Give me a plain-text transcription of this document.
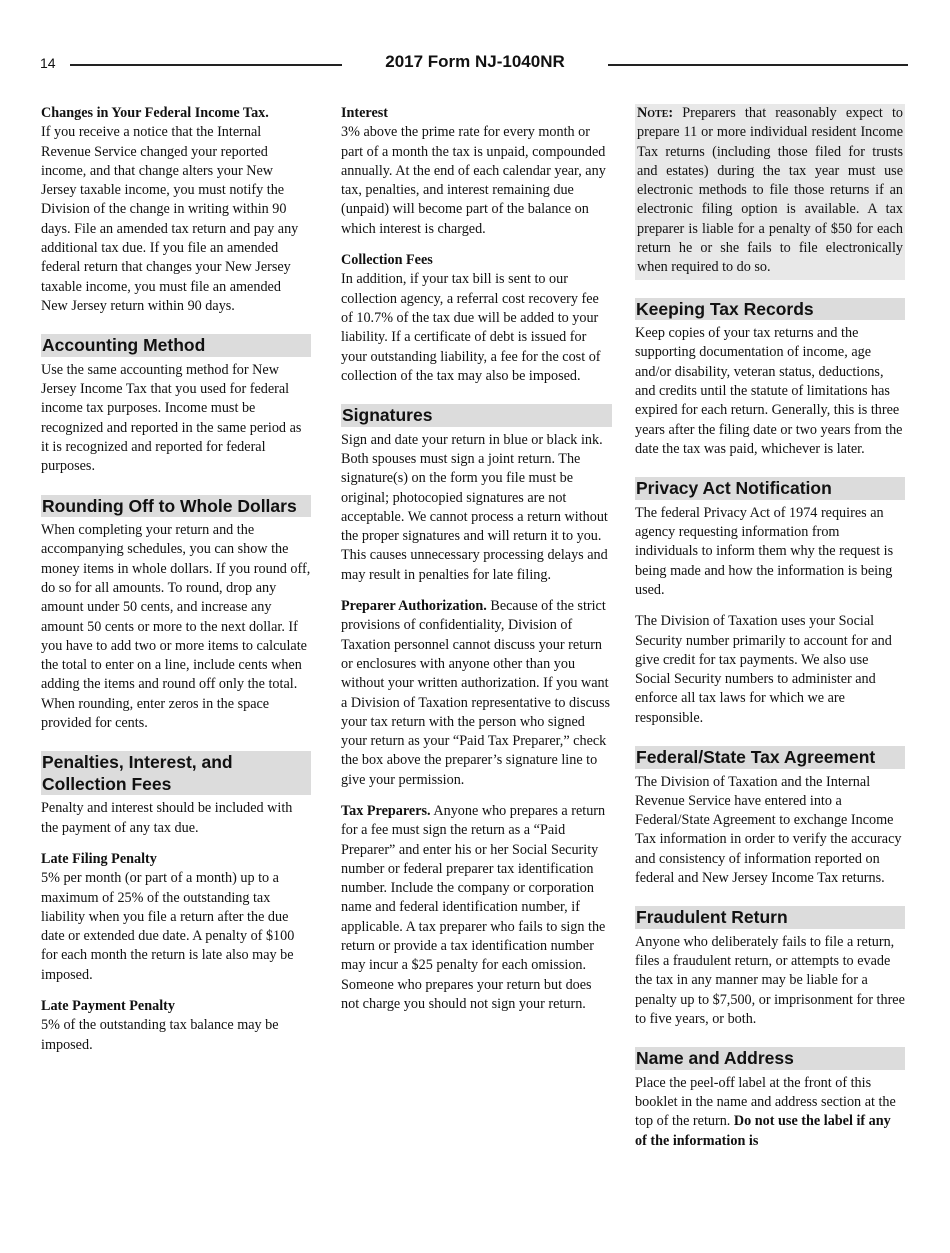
14	2017 Form NJ-1040NR

Changes in Your Federal Income Tax.
If you receive a notice that the Internal Revenue Service changed your reported income, and that change alters your New Jersey taxable income, you must notify the Division of the change in writing within 90 days. File an amended tax return and pay any additional tax due. If you file an amended federal return that changes your New Jersey taxable income, you must file an amended New Jersey return within 90 days.

Accounting Method

Use the same accounting method for New Jersey Income Tax that you used for federal income tax purposes. Income must be recognized and reported in the same period as it is recognized and reported for federal purposes.

Rounding Off to Whole Dollars

When completing your return and the accompanying schedules, you can show the money items in whole dollars. If you round off, do so for all amounts. To round, drop any amount under 50 cents, and increase any amount 50 cents or more to the next dollar. If you have to add two or more items to calculate the total to enter on a line, include cents when adding the items and round off only the total. When rounding, enter zeros in the space provided for cents.

Penalties, Interest, and Collection Fees

Penalty and interest should be included with the payment of any tax due.

Late Filing Penalty
5% per month (or part of a month) up to a maximum of 25% of the outstanding tax liability when you file a return after the due date or extended due date. A penalty of $100 for each month the return is late also may be imposed.

Late Payment Penalty
5% of the outstanding tax balance may be imposed.

Interest
3% above the prime rate for every month or part of a month the tax is unpaid, compounded annually. At the end of each calendar year, any tax, penalties, and interest remaining due (unpaid) will become part of the balance on which interest is charged.

Collection Fees
In addition, if your tax bill is sent to our collection agency, a referral cost recovery fee of 10.7% of the tax due will be added to your liability. If a certificate of debt is issued for your outstanding liability, a fee for the cost of collection of the tax may also be imposed.

Signatures

Sign and date your return in blue or black ink. Both spouses must sign a joint return. The signature(s) on the form you file must be original; photocopied signatures are not acceptable. We cannot process a return without the proper signatures and will return it to you. This causes unnecessary processing delays and may result in penalties for late filing.

Preparer Authorization. Because of the strict provisions of confidentiality, Division of Taxation personnel cannot discuss your return or enclosures with anyone other than you without your written authorization. If you want a Division of Taxation representative to discuss your tax return with the person who signed your return as your “Paid Tax Preparer,” check the box above the preparer’s signature line to give your permission.

Tax Preparers. Anyone who prepares a return for a fee must sign the return as a “Paid Preparer” and enter his or her Social Security number or federal preparer tax identification number. Include the company or corporation name and federal identification number, if applicable. A tax preparer who fails to sign the return or provide a tax identification number may incur a $25 penalty for each omission. Someone who prepares your return but does not charge you should not sign your return.

Note: Preparers that reasonably expect to prepare 11 or more individual resident Income Tax returns (including those filed for trusts and estates) during the tax year must use electronic methods to file those returns if an electronic filing option is available. A tax preparer is liable for a penalty of $50 for each return he or she fails to file electronically when required to do so.
Keeping Tax Records

Keep copies of your tax returns and the supporting documentation of income, age and/or disability, veteran status, deductions, and credits until the statute of limitations has expired for each return. Generally, this is three years after the filing date or two years from the date the tax was paid, whichever is later.

Privacy Act Notification

The federal Privacy Act of 1974 requires an agency requesting information from individuals to inform them why the request is being made and how the information is being used.

The Division of Taxation uses your Social Security number primarily to account for and give credit for tax payments. We also use Social Security numbers to administer and enforce all tax laws for which we are responsible.

Federal/State Tax Agreement

The Division of Taxation and the Internal Revenue Service have entered into a Federal/State Agreement to exchange Income Tax information in order to verify the accuracy and consistency of information reported on federal and New Jersey Income Tax returns.

Fraudulent Return

Anyone who deliberately fails to file a return, files a fraudulent return, or attempts to evade the tax in any manner may be liable for a penalty up to $7,500, or imprisonment for three to five years, or both.

Name and Address

Place the peel-off label at the front of this booklet in the name and address section at the top of the return. Do not use the label if any of the information is
